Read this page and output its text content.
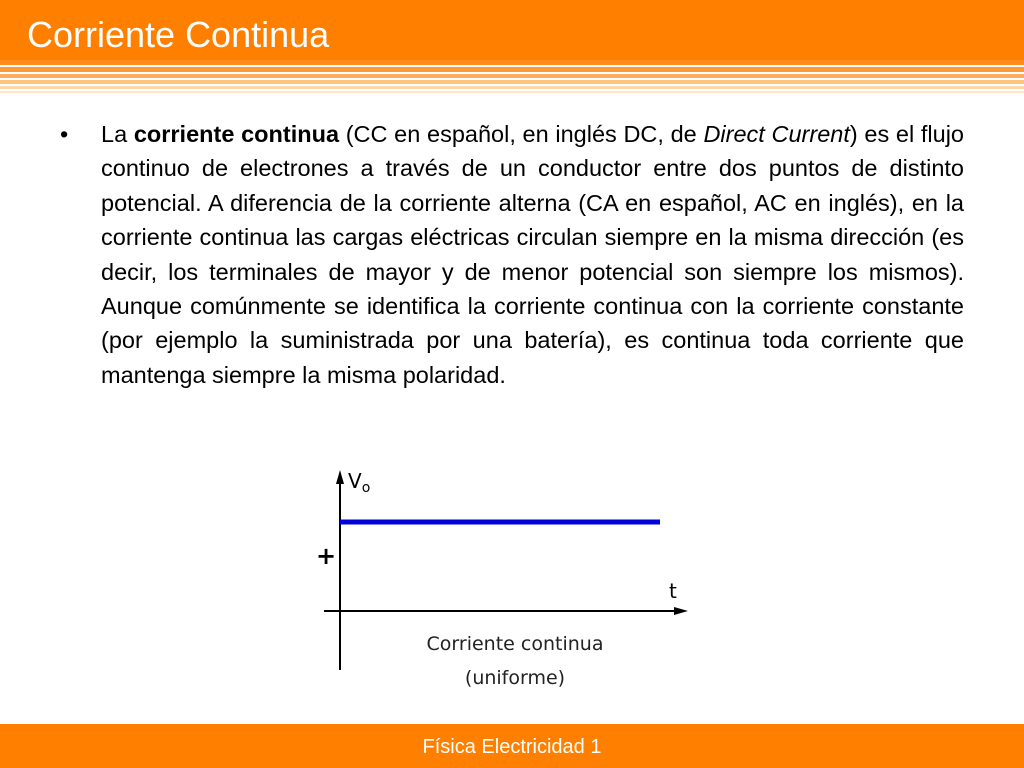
Corriente Continua
• La corriente continua (CC en español, en inglés DC, de Direct Current) es el flujo continuo de electrones a través de un conductor entre dos puntos de distinto potencial. A diferencia de la corriente alterna (CA en español, AC en inglés), en la corriente continua las cargas eléctricas circulan siempre en la misma dirección (es decir, los terminales de mayor y de menor potencial son siempre los mismos). Aunque comúnmente se identifica la corriente continua con la corriente constante (por ejemplo la suministrada por una batería), es continua toda corriente que mantenga siempre la misma polaridad.

$V_o$
+
t
Corriente continua
(uniforme)
Física Electricidad 1
